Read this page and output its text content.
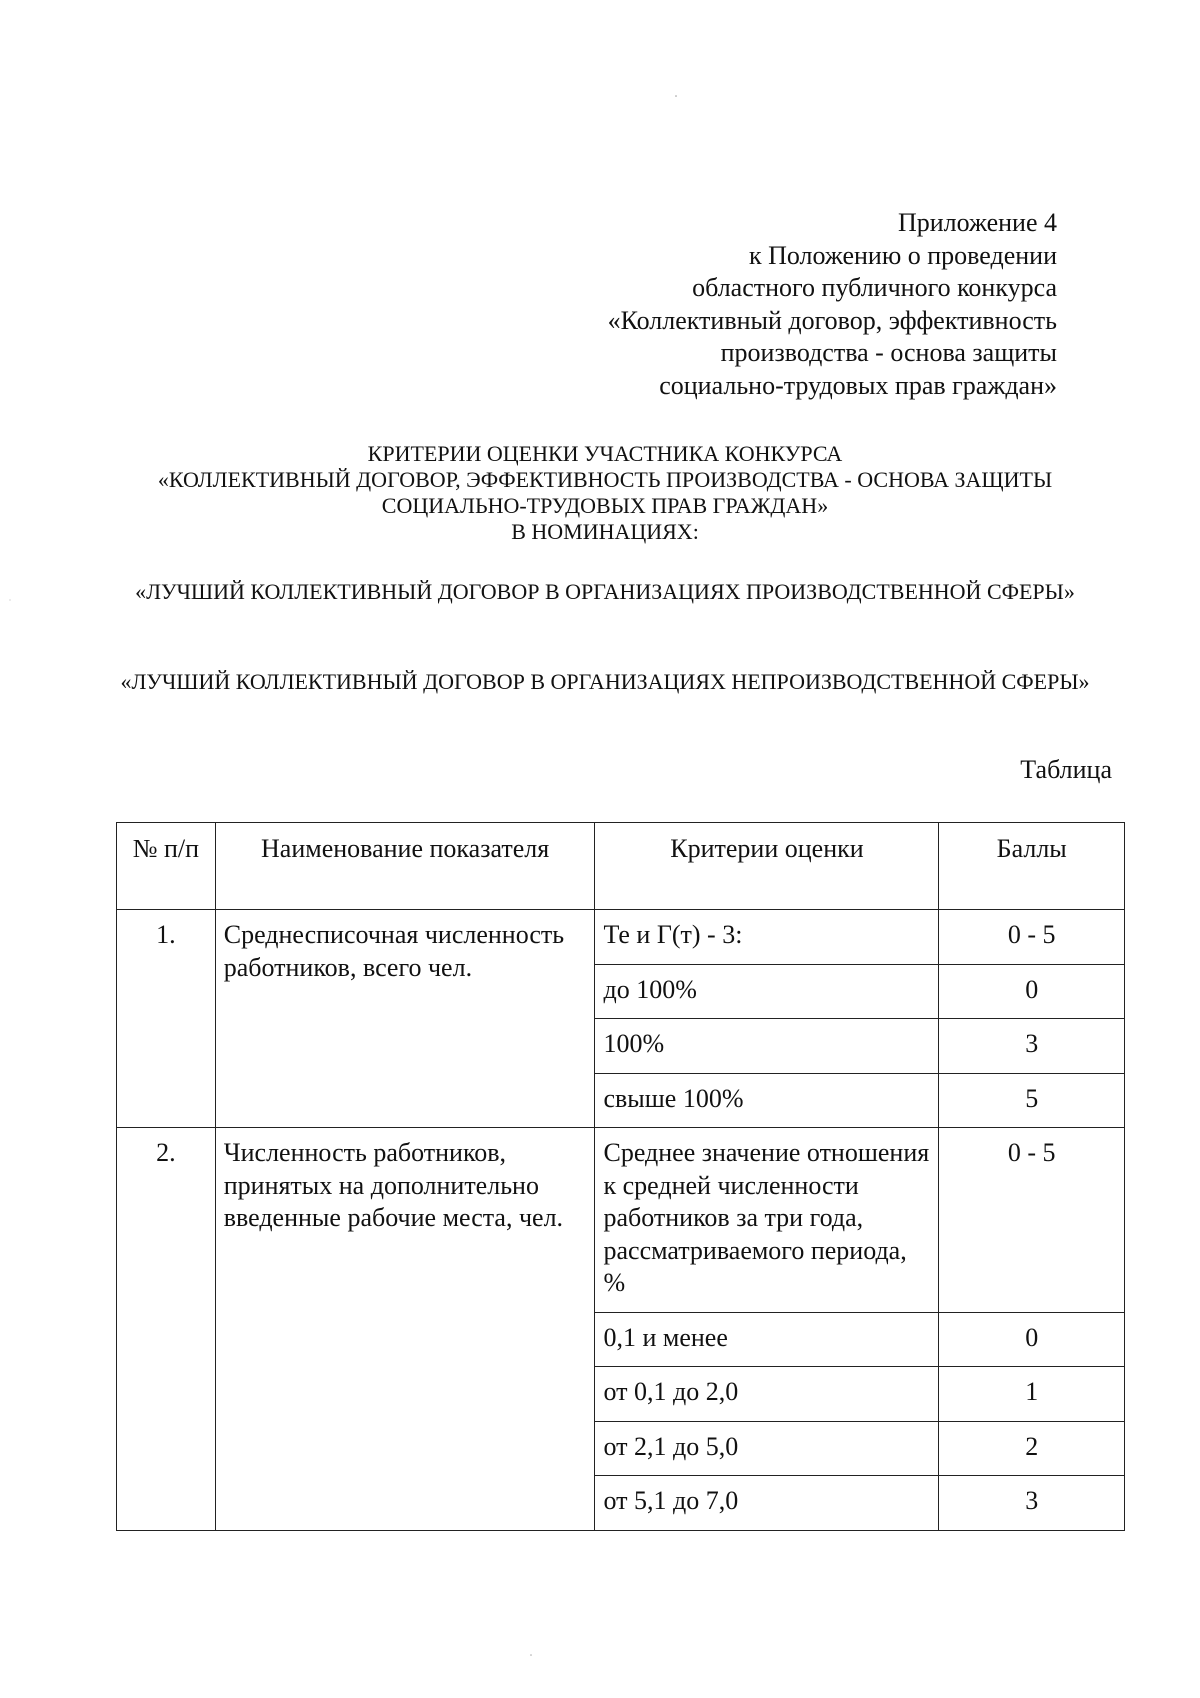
Приложение 4
к Положению о проведении
областного публичного конкурса
«Коллективный договор, эффективность
производства - основа защиты
социально-трудовых прав граждан»
КРИТЕРИИ ОЦЕНКИ УЧАСТНИКА КОНКУРСА
«КОЛЛЕКТИВНЫЙ ДОГОВОР, ЭФФЕКТИВНОСТЬ ПРОИЗВОДСТВА - ОСНОВА ЗАЩИТЫ
СОЦИАЛЬНО-ТРУДОВЫХ ПРАВ ГРАЖДАН»
В НОМИНАЦИЯХ:
«ЛУЧШИЙ КОЛЛЕКТИВНЫЙ ДОГОВОР В ОРГАНИЗАЦИЯХ ПРОИЗВОДСТВЕННОЙ СФЕРЫ»
«ЛУЧШИЙ КОЛЛЕКТИВНЫЙ ДОГОВОР В ОРГАНИЗАЦИЯХ НЕПРОИЗВОДСТВЕННОЙ СФЕРЫ»
Таблица
№ п/п	Наименование показателя	Критерии оценки	Баллы
1.	Среднесписочная численность работников, всего чел.	Те и Г(т) - 3:	0 - 5
		до 100%	0
		100%	3
		свыше 100%	5
2.	Численность работников, принятых на дополнительно введенные рабочие места, чел.	Среднее значение отношения к средней численности работников за три года, рассматриваемого периода, %	0 - 5
		0,1 и менее	0
		от 0,1 до 2,0	1
		от 2,1 до 5,0	2
		от 5,1 до 7,0	3
